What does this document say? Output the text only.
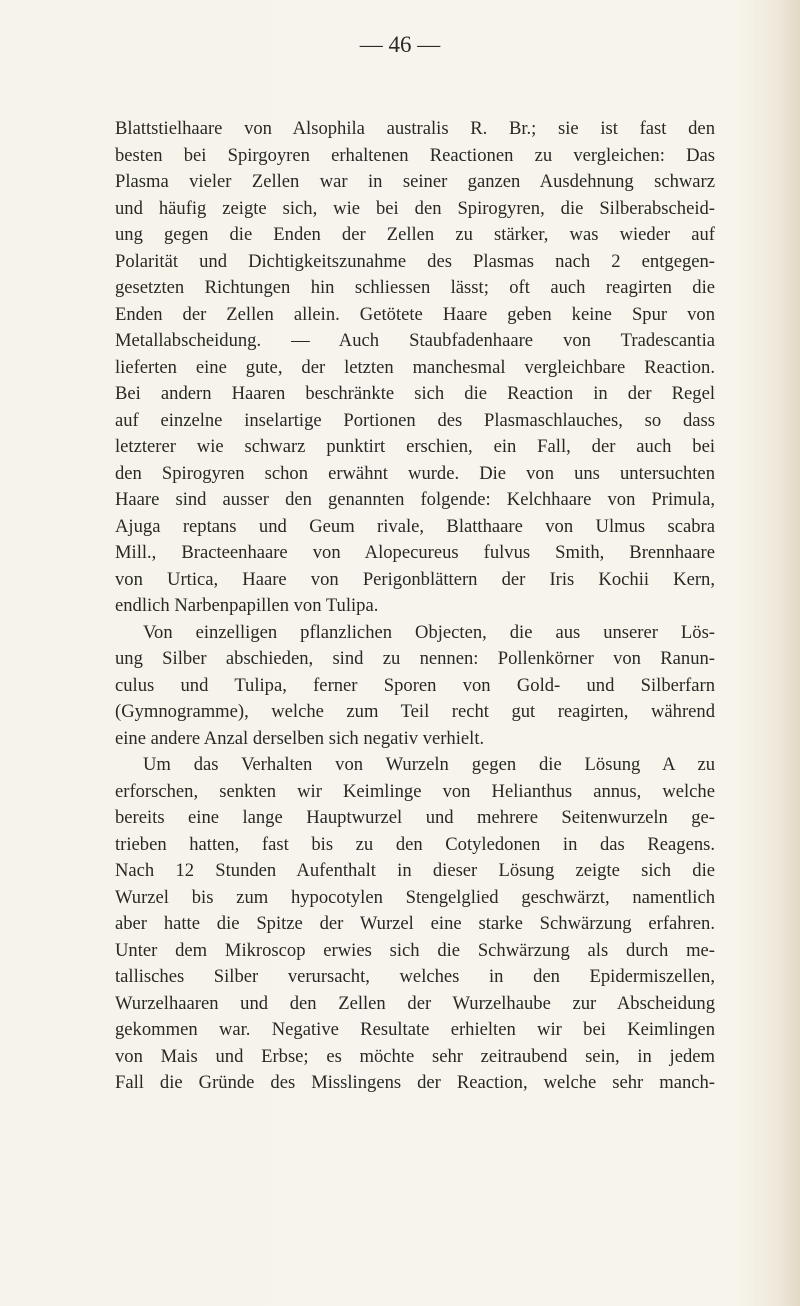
— 46 —
Blattstielhaare von Alsophila australis R. Br.; sie ist fast den
besten bei Spirgoyren erhaltenen Reactionen zu vergleichen: Das
Plasma vieler Zellen war in seiner ganzen Ausdehnung schwarz
und häufig zeigte sich, wie bei den Spirogyren, die Silberabscheid-
ung gegen die Enden der Zellen zu stärker, was wieder auf
Polarität und Dichtigkeitszunahme des Plasmas nach 2 entgegen-
gesetzten Richtungen hin schliessen lässt; oft auch reagirten die
Enden der Zellen allein. Getötete Haare geben keine Spur von
Metallabscheidung. — Auch Staubfadenhaare von Tradescantia
lieferten eine gute, der letzten manchesmal vergleichbare Reaction.
Bei andern Haaren beschränkte sich die Reaction in der Regel
auf einzelne inselartige Portionen des Plasmaschlauches, so dass
letzterer wie schwarz punktirt erschien, ein Fall, der auch bei
den Spirogyren schon erwähnt wurde. Die von uns untersuchten
Haare sind ausser den genannten folgende: Kelchhaare von Primula,
Ajuga reptans und Geum rivale, Blatthaare von Ulmus scabra
Mill., Bracteenhaare von Alopecureus fulvus Smith, Brennhaare
von Urtica, Haare von Perigonblättern der Iris Kochii Kern,
endlich Narbenpapillen von Tulipa.
Von einzelligen pflanzlichen Objecten, die aus unserer Lös-
ung Silber abschieden, sind zu nennen: Pollenkörner von Ranun-
culus und Tulipa, ferner Sporen von Gold- und Silberfarn
(Gymnogramme), welche zum Teil recht gut reagirten, während
eine andere Anzal derselben sich negativ verhielt.
Um das Verhalten von Wurzeln gegen die Lösung A zu
erforschen, senkten wir Keimlinge von Helianthus annus, welche
bereits eine lange Hauptwurzel und mehrere Seitenwurzeln ge-
trieben hatten, fast bis zu den Cotyledonen in das Reagens.
Nach 12 Stunden Aufenthalt in dieser Lösung zeigte sich die
Wurzel bis zum hypocotylen Stengelglied geschwärzt, namentlich
aber hatte die Spitze der Wurzel eine starke Schwärzung erfahren.
Unter dem Mikroscop erwies sich die Schwärzung als durch me-
tallisches Silber verursacht, welches in den Epidermiszellen,
Wurzelhaaren und den Zellen der Wurzelhaube zur Abscheidung
gekommen war. Negative Resultate erhielten wir bei Keimlingen
von Mais und Erbse; es möchte sehr zeitraubend sein, in jedem
Fall die Gründe des Misslingens der Reaction, welche sehr manch-
